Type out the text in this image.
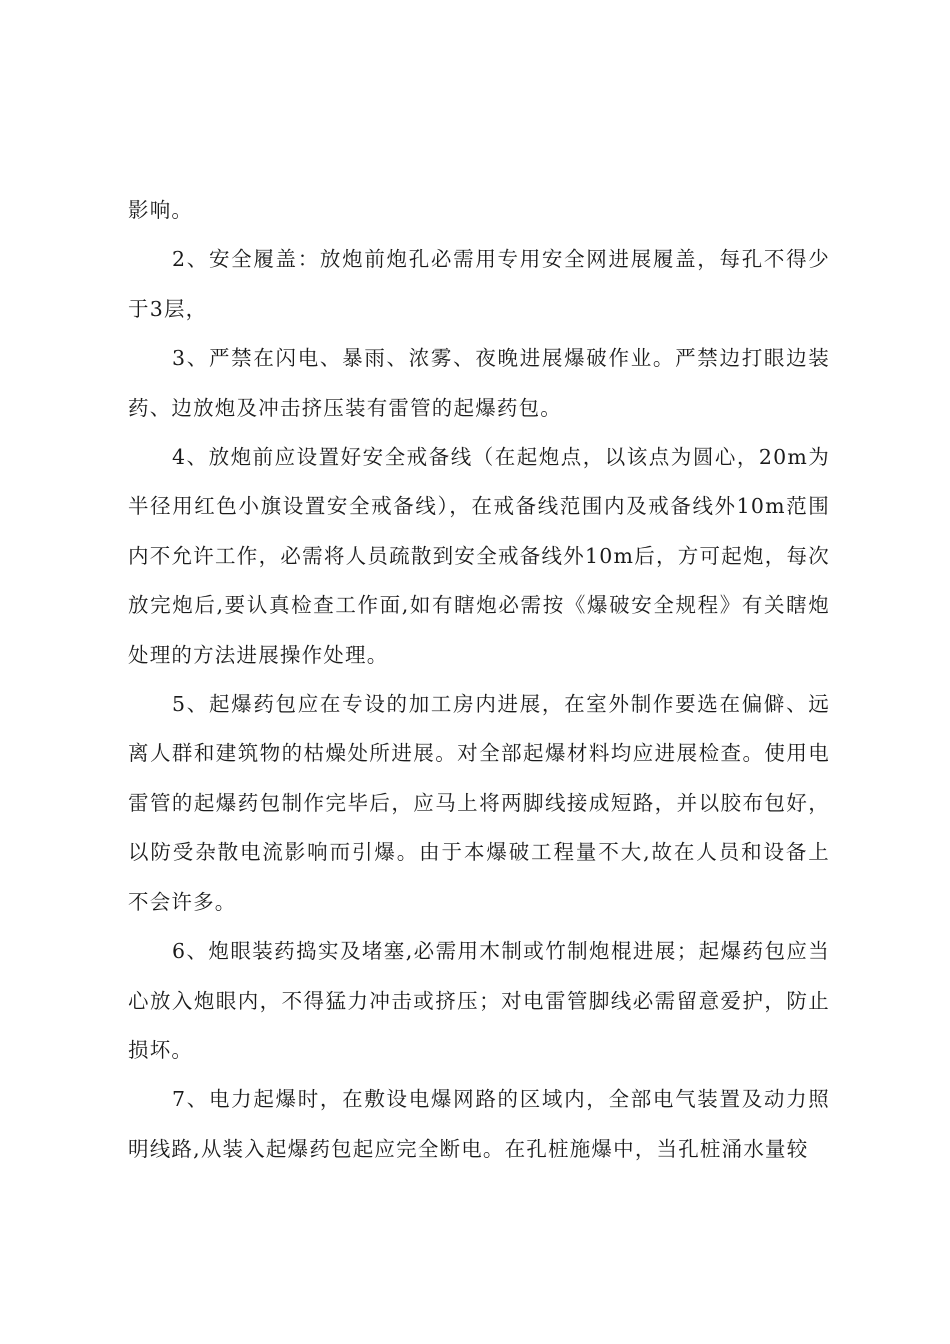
影响。

2、安全履盖：放炮前炮孔必需用专用安全网进展履盖，每孔不得少于3层，

3、严禁在闪电、暴雨、浓雾、夜晚进展爆破作业。严禁边打眼边装药、边放炮及冲击挤压装有雷管的起爆药包。

4、放炮前应设置好安全戒备线（在起炮点，以该点为圆心，20m为半径用红色小旗设置安全戒备线），在戒备线范围内及戒备线外10m范围内不允许工作，必需将人员疏散到安全戒备线外10m后，方可起炮，每次放完炮后,要认真检查工作面,如有瞎炮必需按《爆破安全规程》有关瞎炮处理的方法进展操作处理。

5、起爆药包应在专设的加工房内进展，在室外制作要选在偏僻、远离人群和建筑物的枯燥处所进展。对全部起爆材料均应进展检查。使用电雷管的起爆药包制作完毕后，应马上将两脚线接成短路，并以胶布包好，以防受杂散电流影响而引爆。由于本爆破工程量不大,故在人员和设备上不会许多。

6、炮眼装药捣实及堵塞,必需用木制或竹制炮棍进展；起爆药包应当心放入炮眼内，不得猛力冲击或挤压；对电雷管脚线必需留意爱护，防止损坏。

7、电力起爆时，在敷设电爆网路的区域内，全部电气装置及动力照明线路,从装入起爆药包起应完全断电。在孔桩施爆中，当孔桩涌水量较
